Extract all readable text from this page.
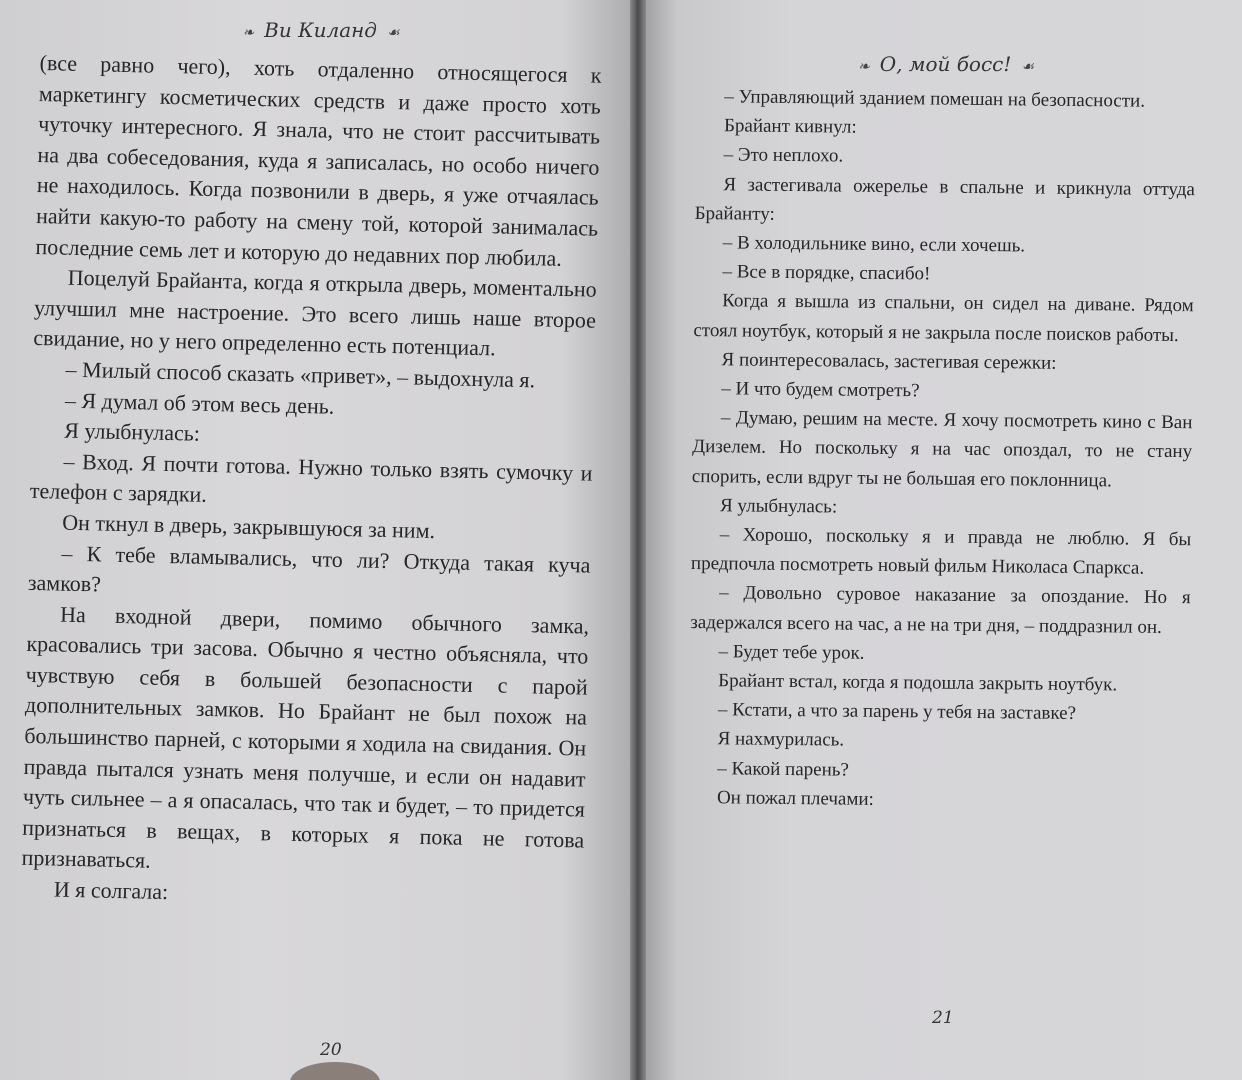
❧ Ви Киланд ☙

(все равно чего), хоть отдаленно относящегося к маркетингу косметических средств и даже просто хоть чуточку интересного. Я знала, что не стоит рассчитывать на два собеседования, куда я записалась, но особо ничего не находилось. Когда позвонили в дверь, я уже отчаялась найти какую-то работу на смену той, которой занималась последние семь лет и которую до недавних пор любила.

Поцелуй Брайанта, когда я открыла дверь, моментально улучшил мне настроение. Это всего лишь наше второе свидание, но у него определенно есть потенциал.

– Милый способ сказать «привет», – выдохнула я.

– Я думал об этом весь день.

Я улыбнулась:

– Вход. Я почти готова. Нужно только взять сумочку и телефон с зарядки.

Он ткнул в дверь, закрывшуюся за ним.

– К тебе вламывались, что ли? Откуда такая куча замков?

На входной двери, помимо обычного замка, красовались три засова. Обычно я честно объясняла, что чувствую себя в большей безопасности с парой дополнительных замков. Но Брайант не был похож на большинство парней, с которыми я ходила на свидания. Он правда пытался узнать меня получше, и если он надавит чуть сильнее – а я опасалась, что так и будет, – то придется признаться в вещах, в которых я пока не готова признаваться.

И я солгала:

20
❧ О, мой босс! ☙

– Управляющий зданием помешан на безопасности.

Брайант кивнул:

– Это неплохо.

Я застегивала ожерелье в спальне и крикнула оттуда Брайанту:

– В холодильнике вино, если хочешь.

– Все в порядке, спасибо!

Когда я вышла из спальни, он сидел на диване. Рядом стоял ноутбук, который я не закрыла после поисков работы.

Я поинтересовалась, застегивая сережки:

– И что будем смотреть?

– Думаю, решим на месте. Я хочу посмотреть кино с Ван Дизелем. Но поскольку я на час опоздал, то не стану спорить, если вдруг ты не большая его поклонница.

Я улыбнулась:

– Хорошо, поскольку я и правда не люблю. Я бы предпочла посмотреть новый фильм Николаса Спаркса.

– Довольно суровое наказание за опоздание. Но я задержался всего на час, а не на три дня, – поддразнил он.

– Будет тебе урок.

Брайант встал, когда я подошла закрыть ноутбук.

– Кстати, а что за парень у тебя на заставке?

Я нахмурилась.

– Какой парень?

Он пожал плечами:

21
